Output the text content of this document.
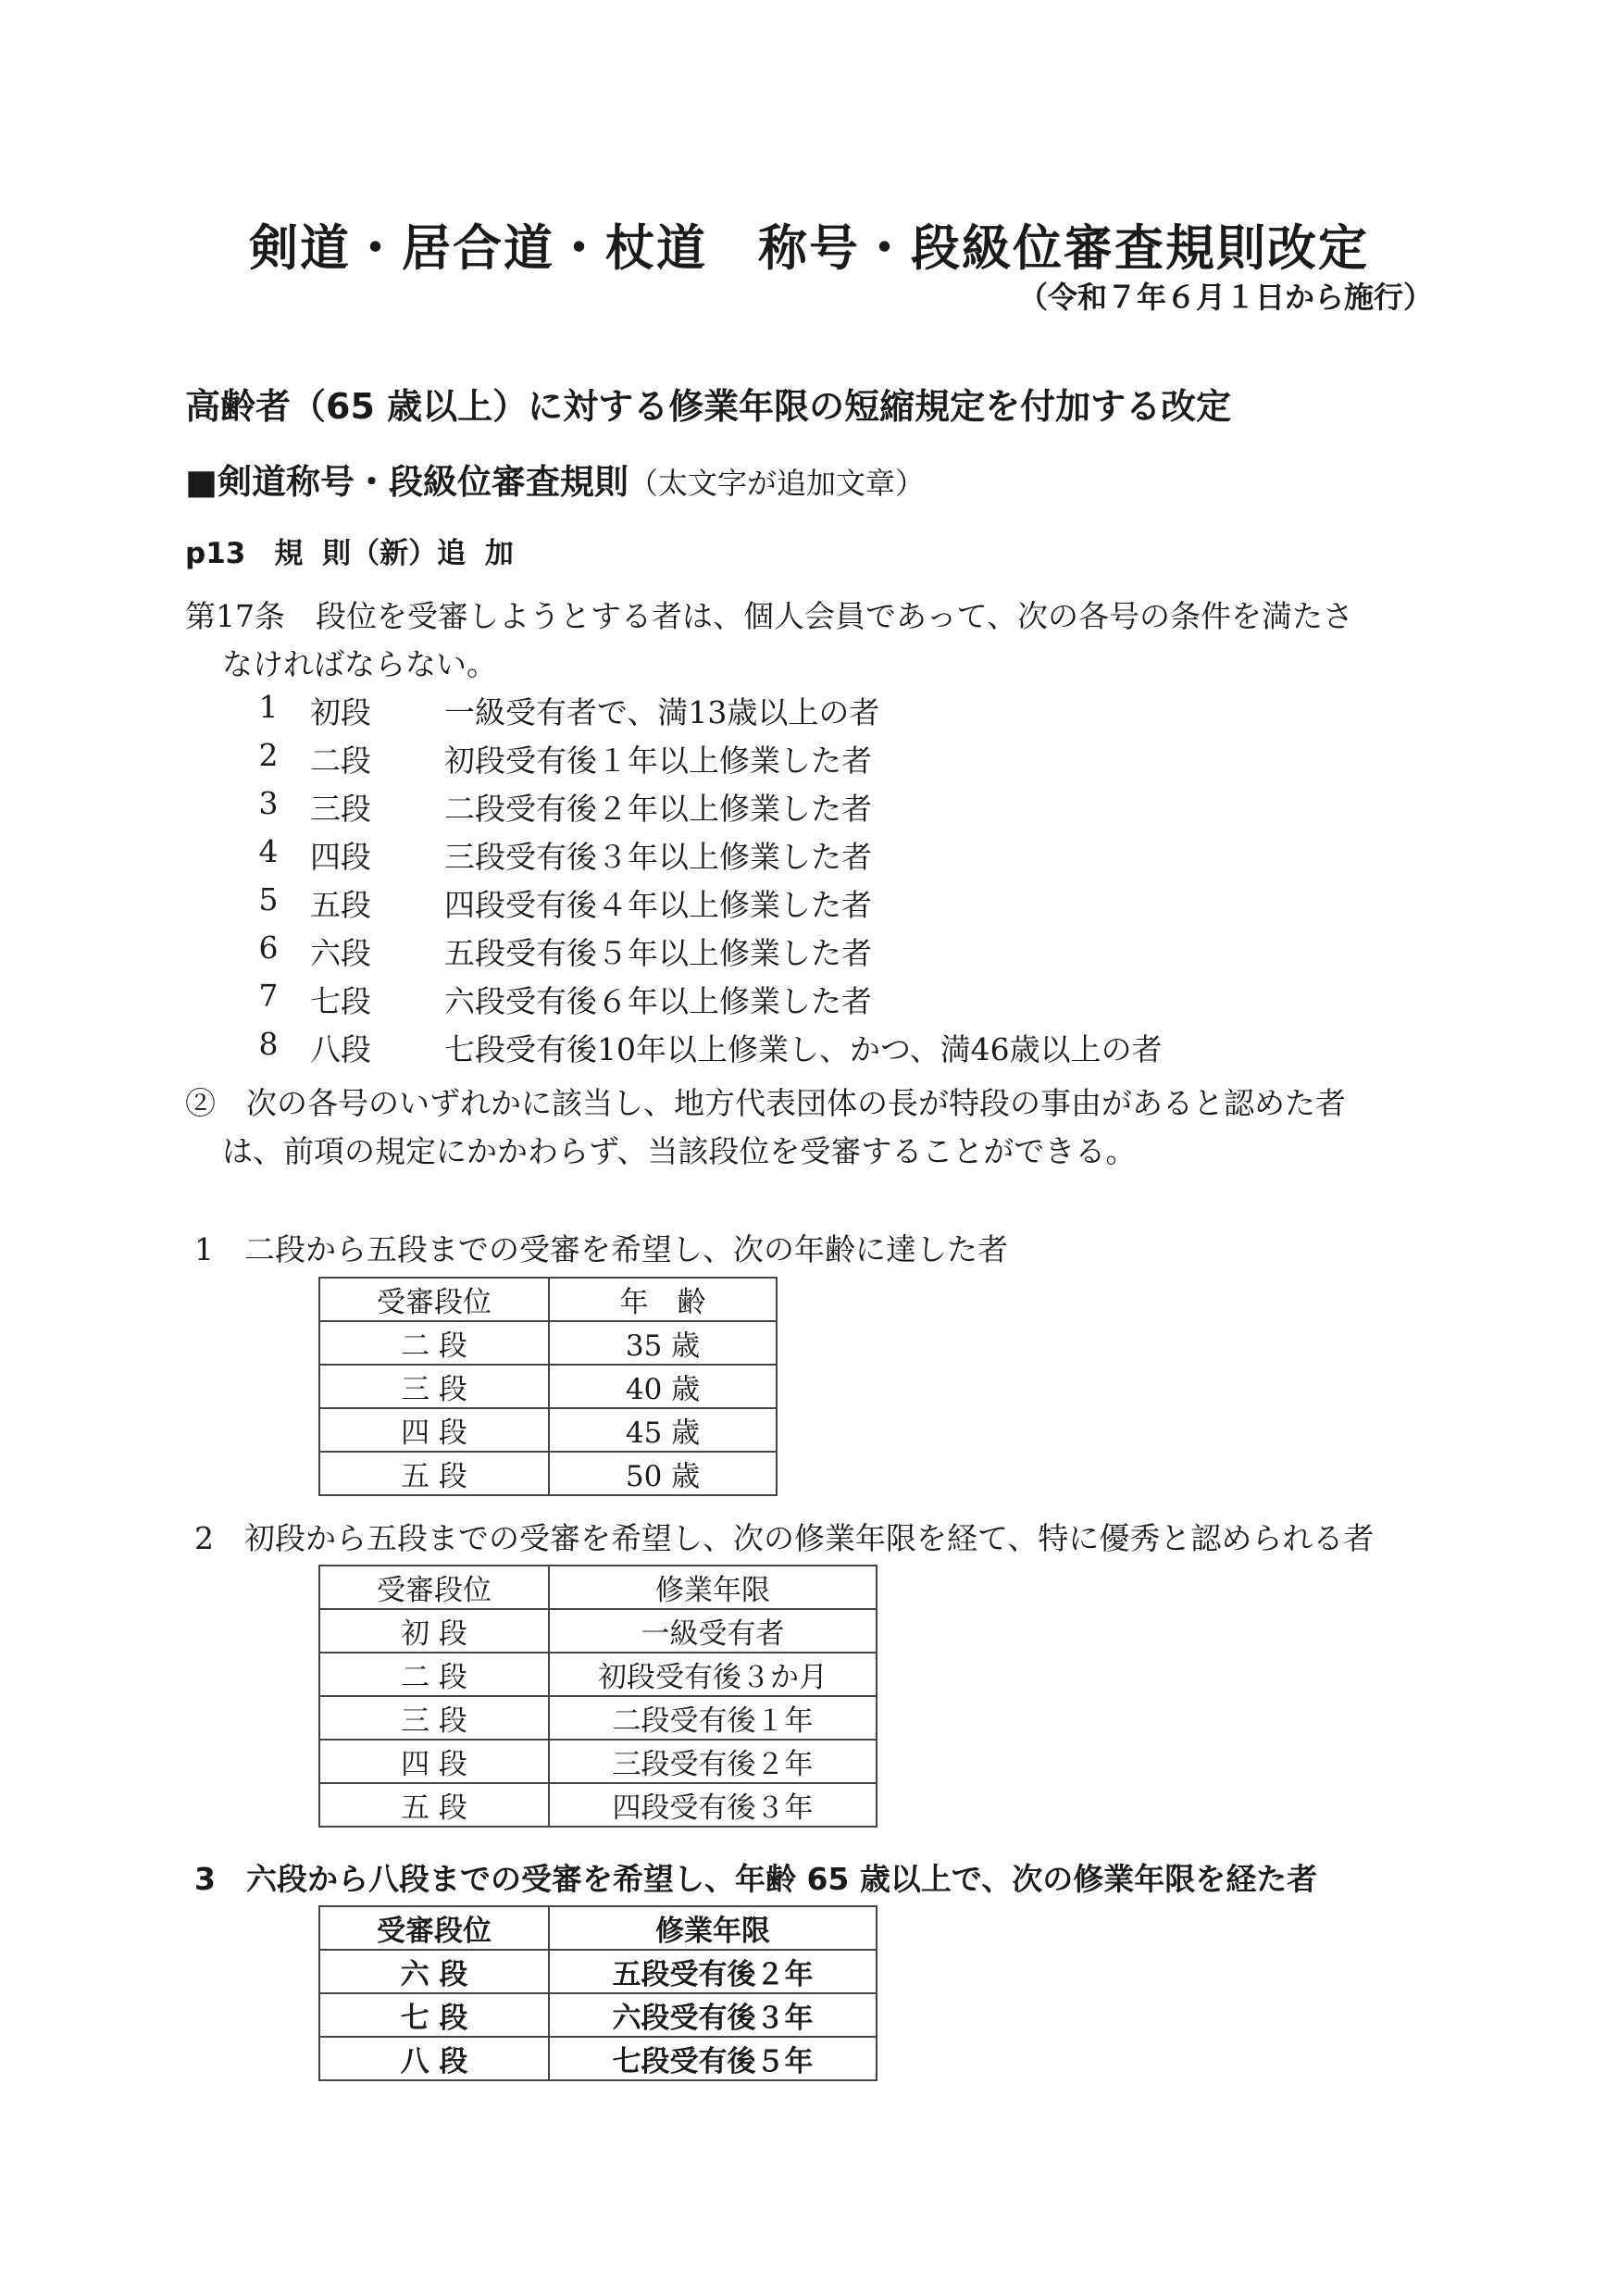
剣道・居合道・杖道　称号・段級位審査規則改定
（令和７年６月１日から施行）
高齢者（65 歳以上）に対する修業年限の短縮規定を付加する改定
■剣道称号・段級位審査規則（太文字が追加文章）
p13　規 則（新）追 加
第17条　段位を受審しようとする者は、個人会員であって、次の各号の条件を満たさ
なければならない。
1 初段 一級受有者で、満13歳以上の者
2 二段 初段受有後１年以上修業した者
3 三段 二段受有後２年以上修業した者
4 四段 三段受有後３年以上修業した者
5 五段 四段受有後４年以上修業した者
6 六段 五段受有後５年以上修業した者
7 七段 六段受有後６年以上修業した者
8 八段 七段受有後10年以上修業し、かつ、満46歳以上の者
②　次の各号のいずれかに該当し、地方代表団体の長が特段の事由があると認めた者
は、前項の規定にかかわらず、当該段位を受審することができる。
1　二段から五段までの受審を希望し、次の年齢に達した者
受審段位	年　齢
二 段	35 歳
三 段	40 歳
四 段	45 歳
五 段	50 歳
2　初段から五段までの受審を希望し、次の修業年限を経て、特に優秀と認められる者
受審段位	修業年限
初 段	一級受有者
二 段	初段受有後３か月
三 段	二段受有後１年
四 段	三段受有後２年
五 段	四段受有後３年
3　六段から八段までの受審を希望し、年齢 65 歳以上で、次の修業年限を経た者
受審段位	修業年限
六 段	五段受有後２年
七 段	六段受有後３年
八 段	七段受有後５年
